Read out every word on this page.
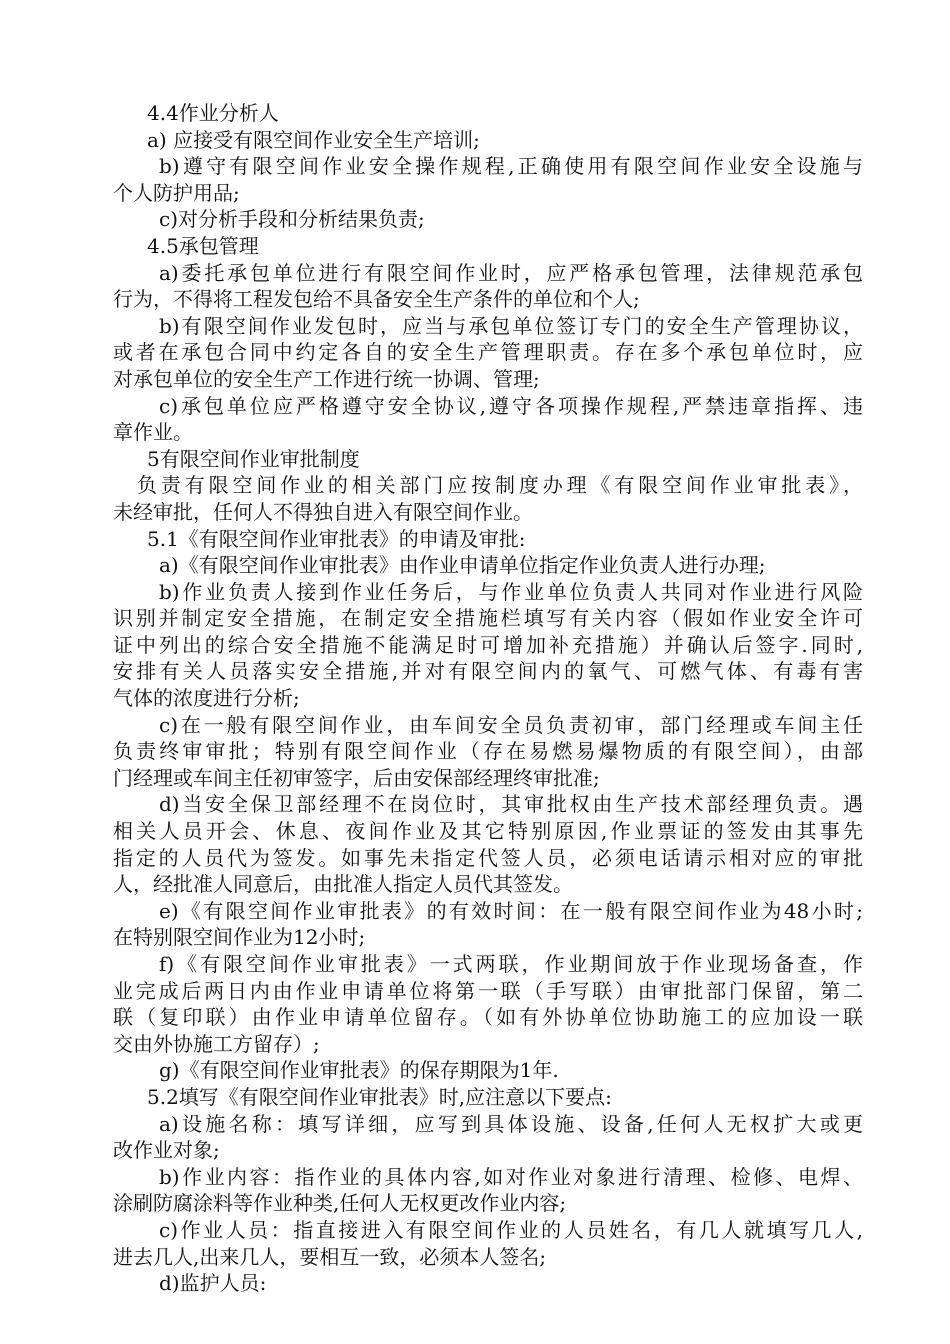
4.4作业分析人
a) 应接受有限空间作业安全生产培训;
b)遵守有限空间作业安全操作规程,正确使用有限空间作业安全设施与
个人防护用品;
c)对分析手段和分析结果负责;
4.5承包管理
a)委托承包单位进行有限空间作业时，应严格承包管理，法律规范承包
行为，不得将工程发包给不具备安全生产条件的单位和个人;
b)有限空间作业发包时，应当与承包单位签订专门的安全生产管理协议，
或者在承包合同中约定各自的安全生产管理职责。存在多个承包单位时，应
对承包单位的安全生产工作进行统一协调、管理;
c)承包单位应严格遵守安全协议,遵守各项操作规程,严禁违章指挥、违
章作业。
5有限空间作业审批制度
负责有限空间作业的相关部门应按制度办理《有限空间作业审批表》，
未经审批，任何人不得独自进入有限空间作业。
5.1《有限空间作业审批表》的申请及审批:
a)《有限空间作业审批表》由作业申请单位指定作业负责人进行办理;
b)作业负责人接到作业任务后，与作业单位负责人共同对作业进行风险
识别并制定安全措施，在制定安全措施栏填写有关内容（假如作业安全许可
证中列出的综合安全措施不能满足时可增加补充措施）并确认后签字.同时,
安排有关人员落实安全措施,并对有限空间内的氧气、可燃气体、有毒有害
气体的浓度进行分析;
c)在一般有限空间作业，由车间安全员负责初审，部门经理或车间主任
负责终审审批；特别有限空间作业（存在易燃易爆物质的有限空间），由部
门经理或车间主任初审签字，后由安保部经理终审批准;
d)当安全保卫部经理不在岗位时，其审批权由生产技术部经理负责。遇
相关人员开会、休息、夜间作业及其它特别原因,作业票证的签发由其事先
指定的人员代为签发。如事先未指定代签人员，必须电话请示相对应的审批
人，经批准人同意后，由批准人指定人员代其签发。
e)《有限空间作业审批表》的有效时间：在一般有限空间作业为48小时;
在特别限空间作业为12小时;
f)《有限空间作业审批表》一式两联，作业期间放于作业现场备查，作
业完成后两日内由作业申请单位将第一联（手写联）由审批部门保留，第二
联（复印联）由作业申请单位留存。（如有外协单位协助施工的应加设一联
交由外协施工方留存）;
g)《有限空间作业审批表》的保存期限为1年.
5.2填写《有限空间作业审批表》时,应注意以下要点:
a)设施名称：填写详细，应写到具体设施、设备,任何人无权扩大或更
改作业对象;
b)作业内容：指作业的具体内容,如对作业对象进行清理、检修、电焊、
涂刷防腐涂料等作业种类,任何人无权更改作业内容;
c)作业人员：指直接进入有限空间作业的人员姓名，有几人就填写几人,
进去几人,出来几人，要相互一致，必须本人签名;
d)监护人员:
